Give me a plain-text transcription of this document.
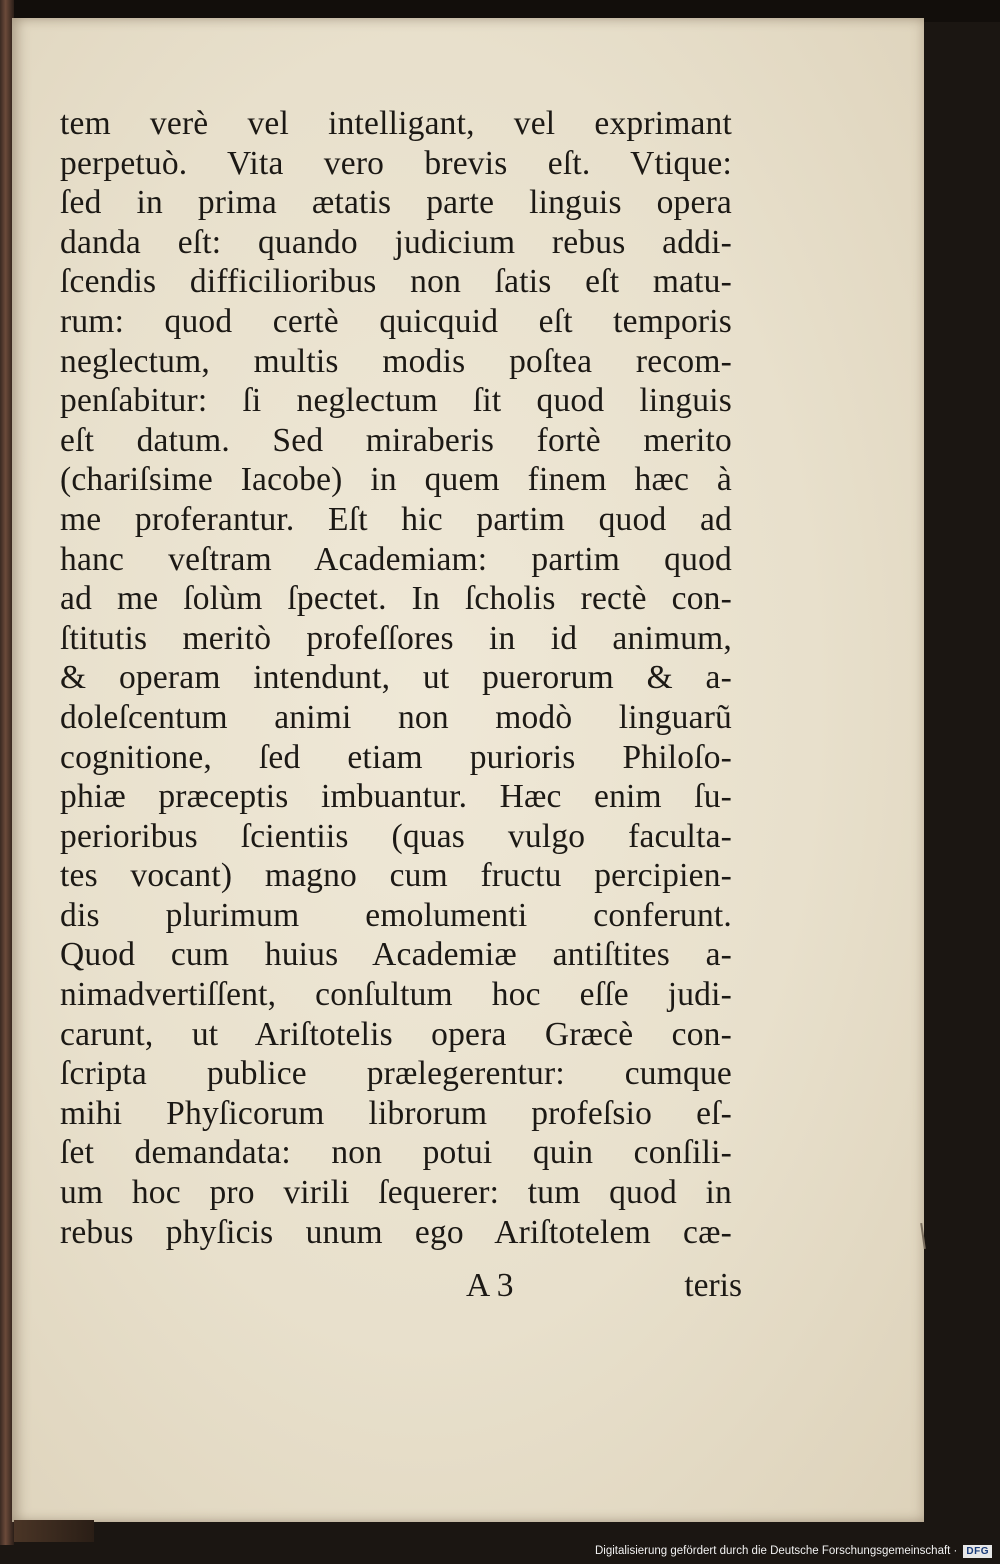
tem verè vel intelligant, vel exprimant
perpetuò. Vita vero brevis eſt. Vtique:
ſed in prima ætatis parte linguis opera
danda eſt: quando judicium rebus addi-
ſcendis difficilioribus non ſatis eſt matu-
rum: quod certè quicquid eſt temporis
neglectum, multis modis poſtea recom-
penſabitur: ſi neglectum ſit quod linguis
eſt datum. Sed miraberis fortè merito
(chariſsime Iacobe) in quem finem hæc à
me proferantur. Eſt hic partim quod ad
hanc veſtram Academiam: partim quod
ad me ſolùm ſpectet. In ſcholis rectè con-
ſtitutis meritò profeſſores in id animum,
& operam intendunt, ut puerorum & a-
doleſcentum animi non modò linguarũ
cognitione, ſed etiam purioris Philoſo-
phiæ præceptis imbuantur. Hæc enim ſu-
perioribus ſcientiis (quas vulgo faculta-
tes vocant) magno cum fructu percipien-
dis plurimum emolumenti conferunt.
Quod cum huius Academiæ antiſtites a-
nimadvertiſſent, conſultum hoc eſſe judi-
carunt, ut Ariſtotelis opera Græcè con-
ſcripta publice prælegerentur: cumque
mihi Phyſicorum librorum profeſsio eſ-
ſet demandata: non potui quin conſili-
um hoc pro virili ſequerer: tum quod in
rebus phyſicis unum ego Ariſtotelem cæ-
A 3	teris
Digitalisierung gefördert durch die Deutsche Forschungsgemeinschaft · DFG
